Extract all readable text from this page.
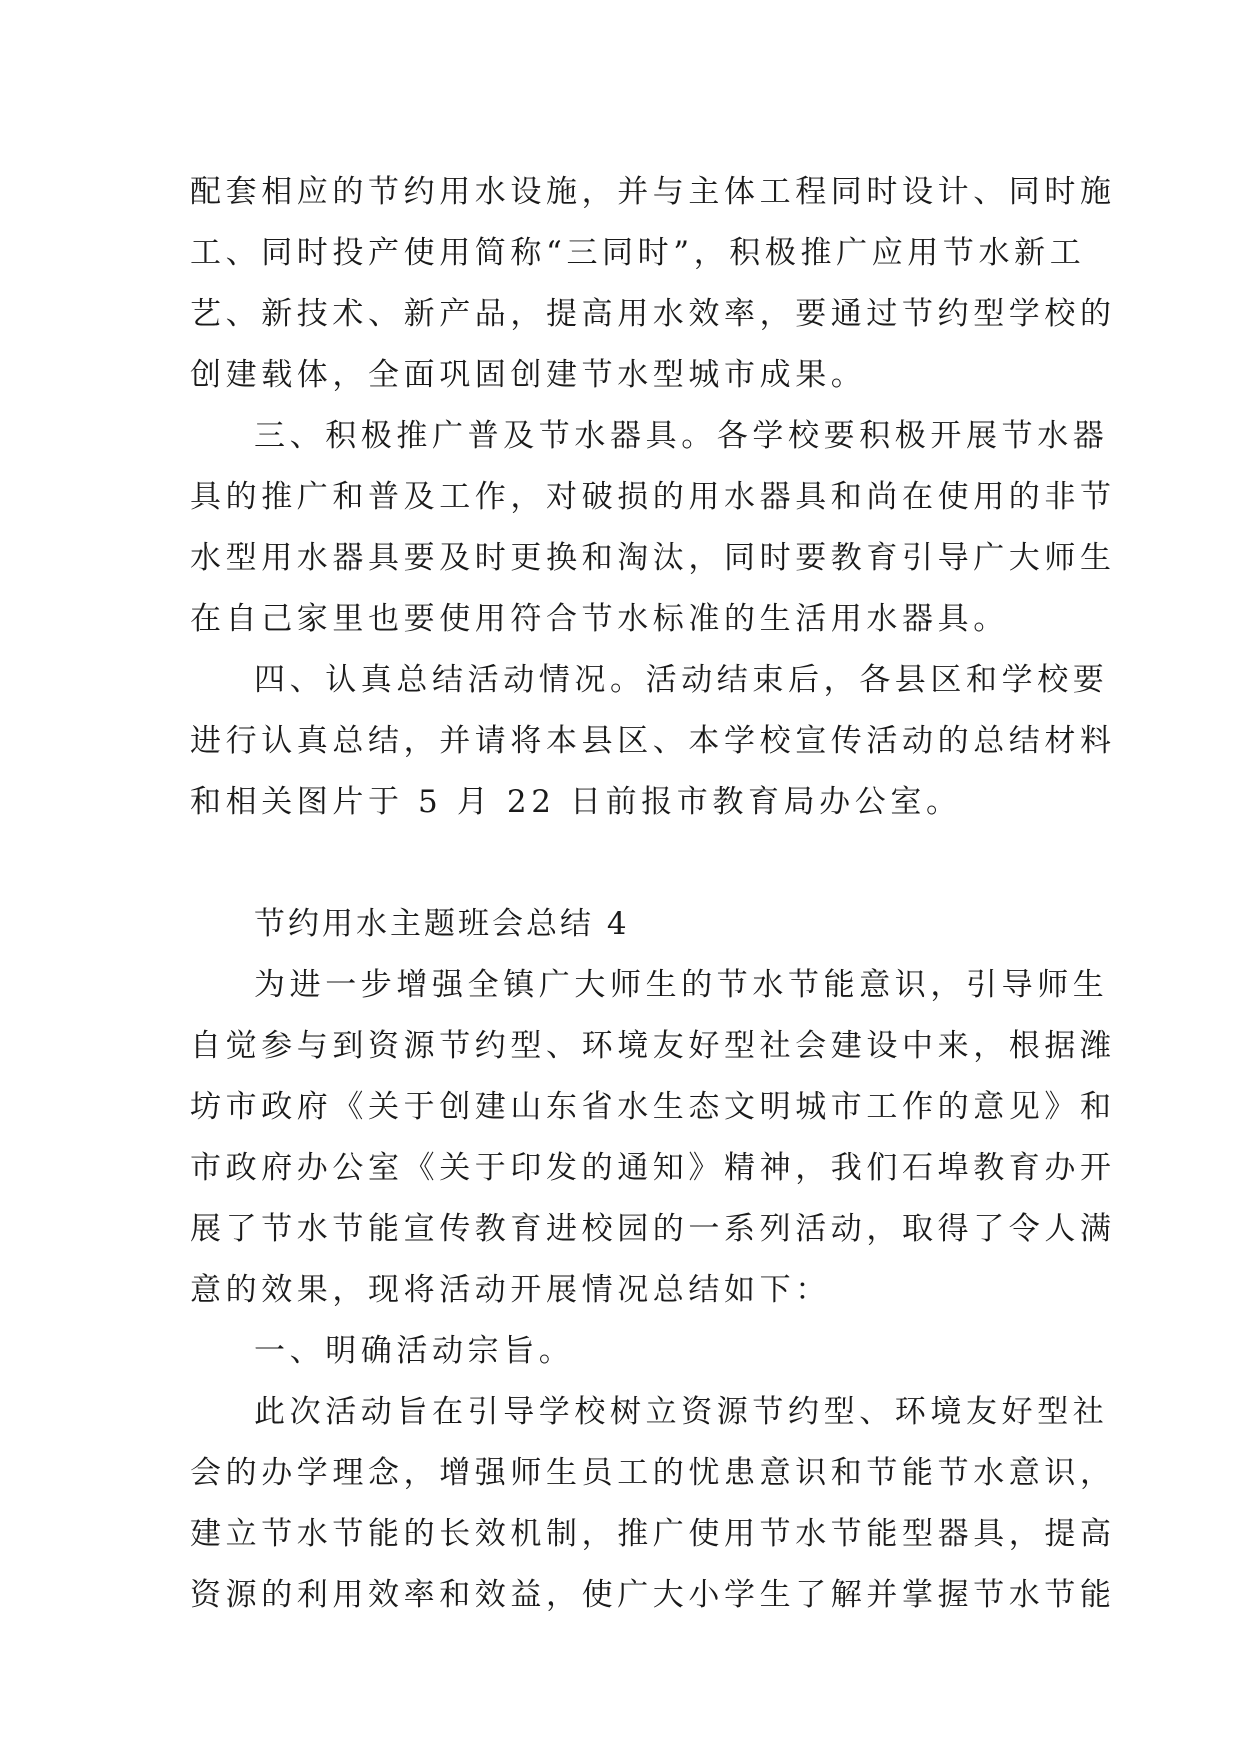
配套相应的节约用水设施，并与主体工程同时设计、同时施
工、同时投产使用简称“三同时”，积极推广应用节水新工
艺、新技术、新产品，提高用水效率，要通过节约型学校的
创建载体，全面巩固创建节水型城市成果。
三、积极推广普及节水器具。各学校要积极开展节水器
具的推广和普及工作，对破损的用水器具和尚在使用的非节
水型用水器具要及时更换和淘汰，同时要教育引导广大师生
在自己家里也要使用符合节水标准的生活用水器具。
四、认真总结活动情况。活动结束后，各县区和学校要
进行认真总结，并请将本县区、本学校宣传活动的总结材料
和相关图片于 5 月 22 日前报市教育局办公室。
节约用水主题班会总结 4
为进一步增强全镇广大师生的节水节能意识，引导师生
自觉参与到资源节约型、环境友好型社会建设中来，根据潍
坊市政府《关于创建山东省水生态文明城市工作的意见》和
市政府办公室《关于印发的通知》精神，我们石埠教育办开
展了节水节能宣传教育进校园的一系列活动，取得了令人满
意的效果，现将活动开展情况总结如下：
一、明确活动宗旨。
此次活动旨在引导学校树立资源节约型、环境友好型社
会的办学理念，增强师生员工的忧患意识和节能节水意识，
建立节水节能的长效机制，推广使用节水节能型器具，提高
资源的利用效率和效益，使广大小学生了解并掌握节水节能
